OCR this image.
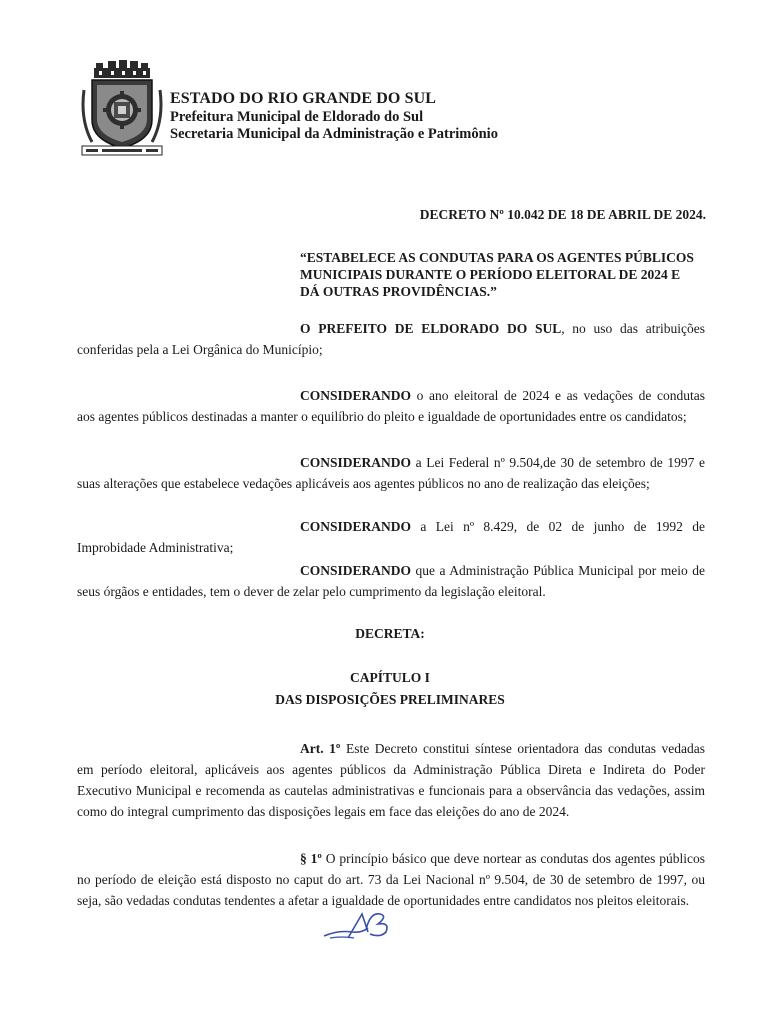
ESTADO DO RIO GRANDE DO SUL
Prefeitura Municipal de Eldorado do Sul
Secretaria Municipal da Administração e Patrimônio
DECRETO Nº 10.042 DE 18 DE ABRIL DE 2024.
“ESTABELECE AS CONDUTAS PARA OS AGENTES PÚBLICOS
MUNICIPAIS DURANTE O PERÍODO ELEITORAL DE 2024 E
DÁ OUTRAS PROVIDÊNCIAS.”
O PREFEITO DE ELDORADO DO SUL, no uso das atribuições
conferidas pela a Lei Orgânica do Município;
CONSIDERANDO o ano eleitoral de 2024 e as vedações de condutas
aos agentes públicos destinadas a manter o equilíbrio do pleito e igualdade de oportunidades entre os candidatos;
CONSIDERANDO a Lei Federal nº 9.504,de 30 de setembro de 1997 e
suas alterações que estabelece vedações aplicáveis aos agentes públicos no ano de realização das eleições;
CONSIDERANDO a Lei nº 8.429, de 02 de junho de 1992 de
Improbidade Administrativa;
CONSIDERANDO que a Administração Pública Municipal por meio de
seus órgãos e entidades, tem o dever de zelar pelo cumprimento da legislação eleitoral.
DECRETA:
CAPÍTULO I
DAS DISPOSIÇÕES PRELIMINARES
Art. 1º Este Decreto constitui síntese orientadora das condutas vedadas
em período eleitoral, aplicáveis aos agentes públicos da Administração Pública Direta e Indireta do Poder
Executivo Municipal e recomenda as cautelas administrativas e funcionais para a observância das vedações, assim
como do integral cumprimento das disposições legais em face das eleições do ano de 2024.
§ 1º O princípio básico que deve nortear as condutas dos agentes públicos
no período de eleição está disposto no caput do art. 73 da Lei Nacional nº 9.504, de 30 de setembro de 1997, ou
seja, são vedadas condutas tendentes a afetar a igualdade de oportunidades entre candidatos nos pleitos eleitorais.
